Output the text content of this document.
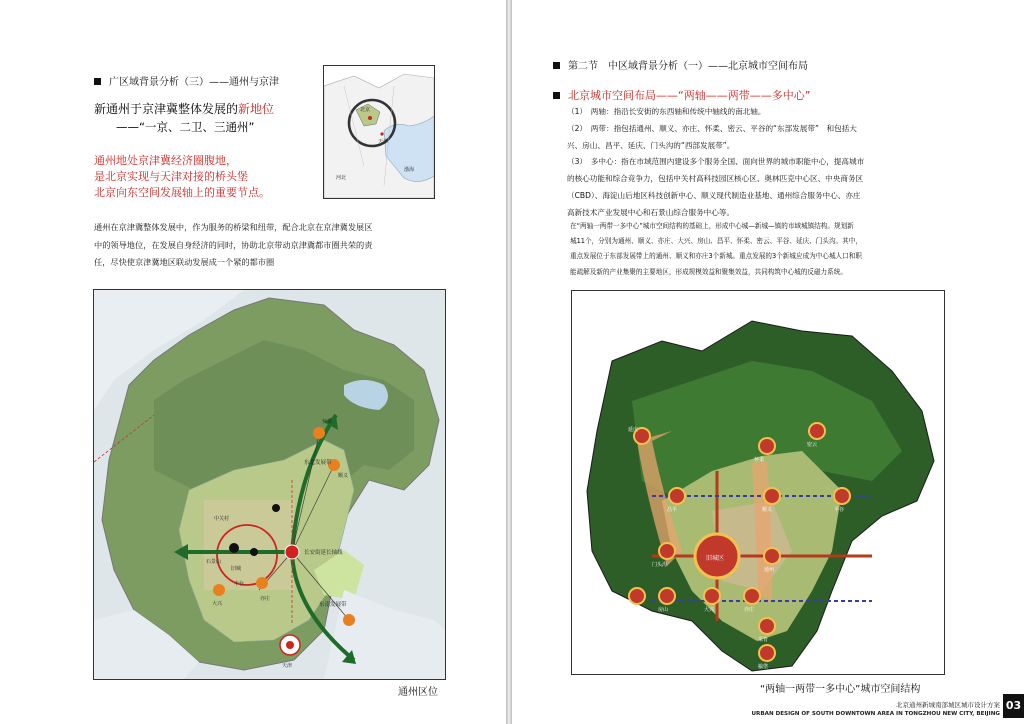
广区域背景分析（三）——通州与京津
新通州于京津冀整体发展的新地位
——“一京、二卫、三通州”
通州地处京津冀经济圈腹地，
是北京实现与天津对接的桥头堡
北京向东空间发展轴上的重要节点。
通州在京津冀整体发展中，作为服务的桥梁和纽带，配合北京在京津冀发展区
中的领导地位，在发展自身经济的同时，协助北京带动京津冀都市圈共荣的责
任，尽快使京津冀地区联动发展成一个紧的都市圈
北京
天津
渤海
河北
东北发展带
东南发展带
长安街延长轴线
旧城
丰台
石景山
大兴
亦庄
天津
中关村
顺义
怀柔
通州区位
第二节　中区域背景分析（一）——北京城市空间布局
北京城市空间布局——“两轴——两带——多中心”

（1）　两轴：指沿长安街的东西轴和传统中轴线的南北轴。

（2）　两带：指包括通州、顺义、亦庄、怀柔、密云、平谷的“东部发展带”　和包括大

兴、房山、昌平、延庆、门头沟的“西部发展带”。

（3）　多中心：指在市域范围内建设多个服务全国、面向世界的城市职能中心，提高城市

的核心功能和综合竞争力，包括中关村高科技园区核心区、奥林匹克中心区、中央商务区

（CBD）、海淀山后地区科技创新中心、顺义现代制造业基地、通州综合服务中心、亦庄

高新技术产业发展中心和石景山综合服务中心等。

在“两轴一两带一多中心”城市空间结构的基础上，形成中心城—新城—镇的市域城镇结构。规划新

城11个，分别为通州、顺义、亦庄、大兴、房山、昌平、怀柔、密云、平谷、延庆、门头沟。其中，

重点发展位于东部发展带上的通州、顺义和亦庄3个新城。重点发展的3个新城应成为中心城人口和职

能疏解及新的产业集聚的主要地区，形成规模效益和聚集效益，共同构筑中心城的反磁力系统。

旧城区
延庆
怀柔
密云
昌平	顺义	平谷
门头沟
通州
房山	大兴	亦庄
采育
榆垡
“两轴一两带一多中心”城市空间结构
北京通州新城南部城区城市设计方案
URBAN DESIGN OF SOUTH DOWNTOWN AREA IN TONGZHOU NEW CITY, BEIJING
03
